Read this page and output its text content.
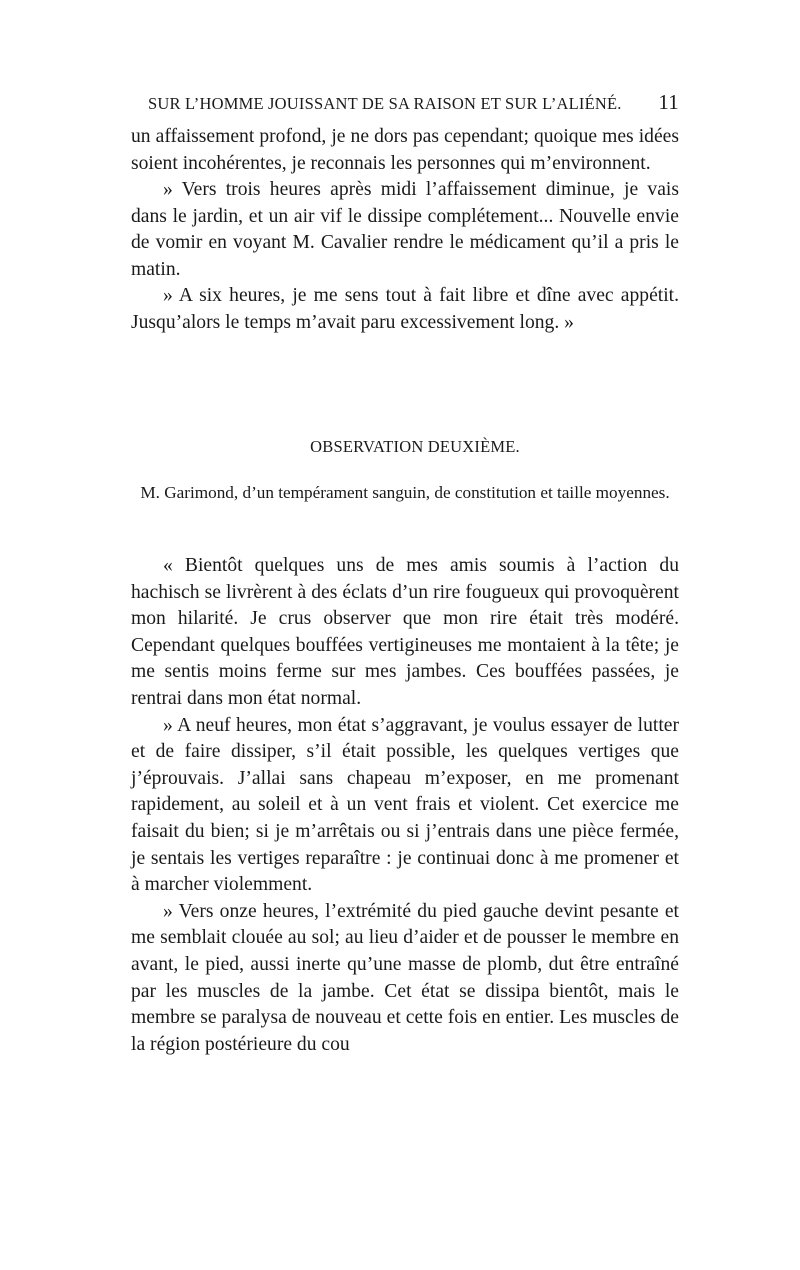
SUR L’HOMME JOUISSANT DE SA RAISON ET SUR L’ALIÉNÉ. 11

un affaissement profond, je ne dors pas cependant; quoique mes idées soient incohérentes, je reconnais les personnes qui m’environnent.

» Vers trois heures après midi l’affaissement diminue, je vais dans le jardin, et un air vif le dissipe complétement... Nouvelle envie de vomir en voyant M. Cavalier rendre le médicament qu’il a pris le matin.

» A six heures, je me sens tout à fait libre et dîne avec appétit. Jusqu’alors le temps m’avait paru excessivement long. »

OBSERVATION DEUXIÈME.
M. Garimond, d’un tempérament sanguin, de constitution et taille moyennes.

« Bientôt quelques uns de mes amis soumis à l’action du hachisch se livrèrent à des éclats d’un rire fougueux qui provoquèrent mon hilarité. Je crus observer que mon rire était très modéré. Cependant quelques bouffées vertigineuses me montaient à la tête; je me sentis moins ferme sur mes jambes. Ces bouffées passées, je rentrai dans mon état normal.

» A neuf heures, mon état s’aggravant, je voulus essayer de lutter et de faire dissiper, s’il était possible, les quelques vertiges que j’éprouvais. J’allai sans chapeau m’exposer, en me promenant rapidement, au soleil et à un vent frais et violent. Cet exercice me faisait du bien; si je m’arrêtais ou si j’entrais dans une pièce fermée, je sentais les vertiges reparaître : je continuai donc à me promener et à marcher violemment.

» Vers onze heures, l’extrémité du pied gauche devint pesante et me semblait clouée au sol; au lieu d’aider et de pousser le membre en avant, le pied, aussi inerte qu’une masse de plomb, dut être entraîné par les muscles de la jambe. Cet état se dissipa bientôt, mais le membre se paralysa de nouveau et cette fois en entier. Les muscles de la région postérieure du cou
